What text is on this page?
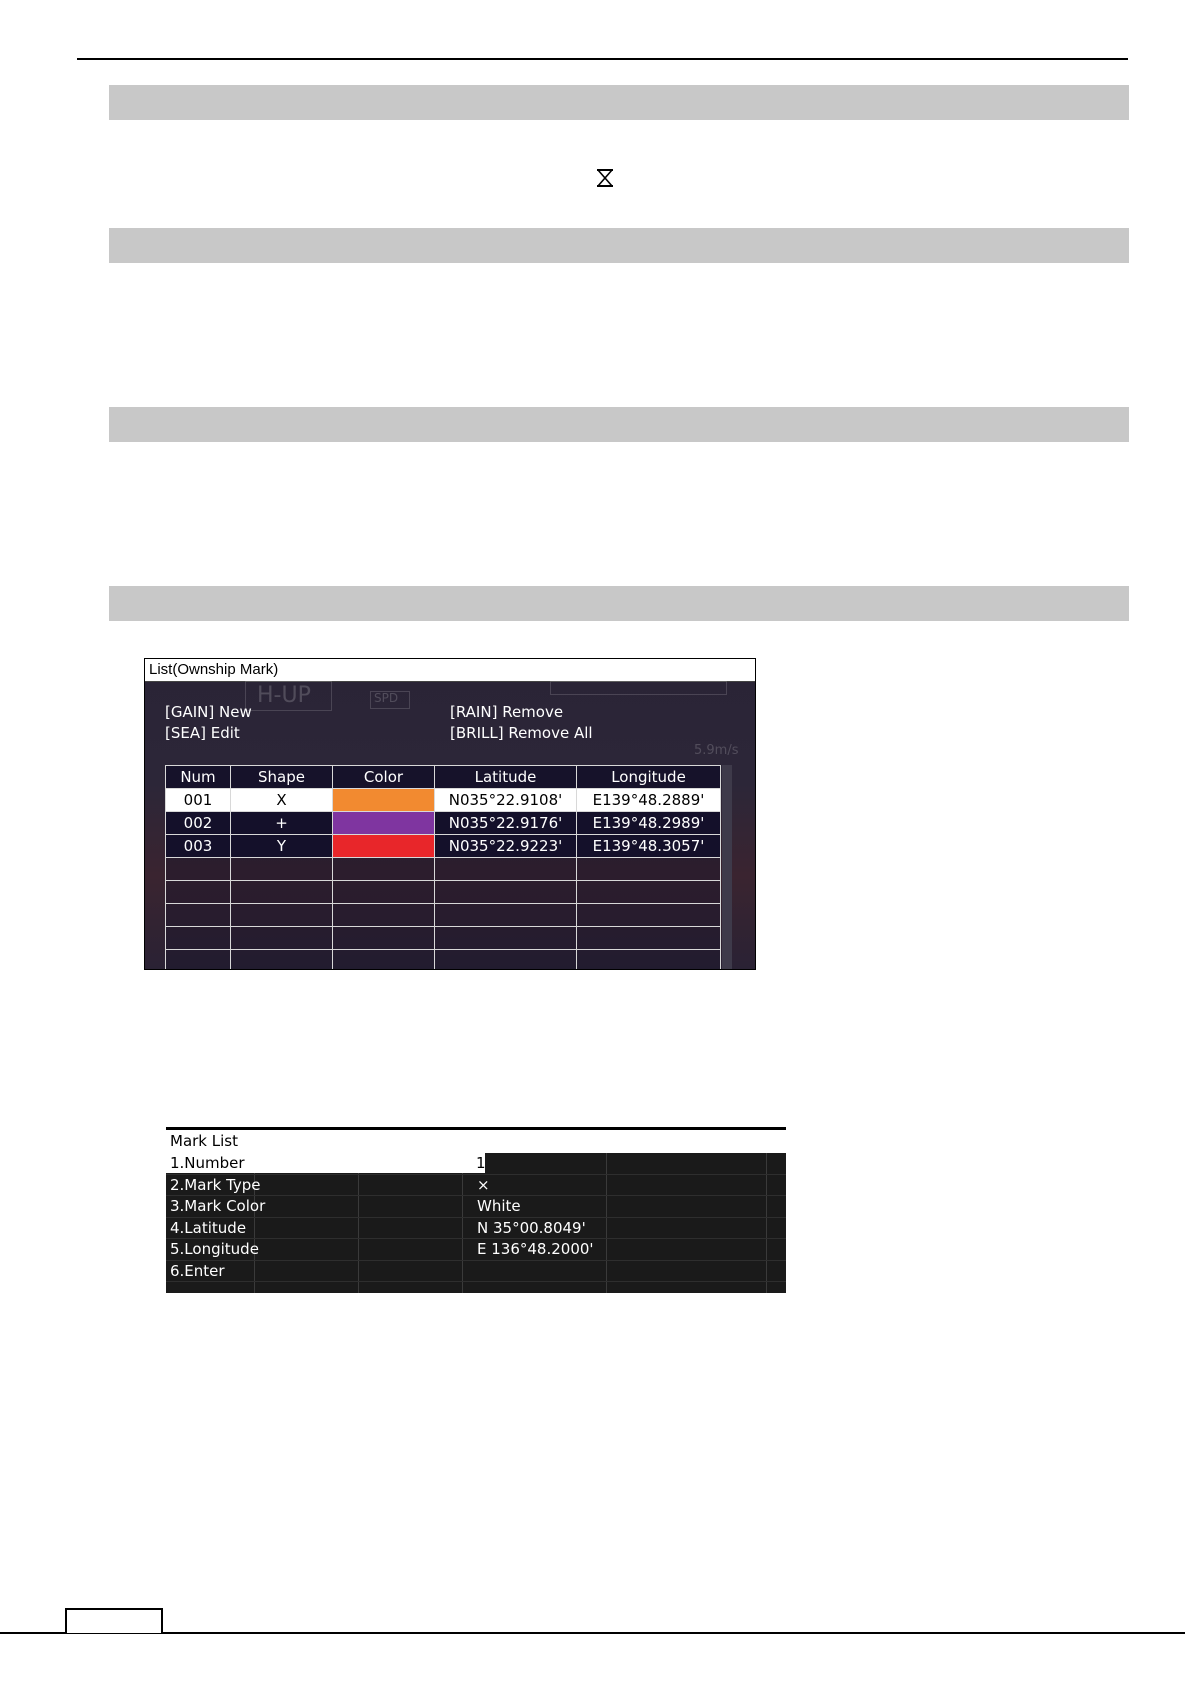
List(Ownship Mark)
H-UP	SPD
5.9m/s
[GAIN] New
[SEA] Edit
[RAIN] Remove
[BRILL] Remove All
Num	Shape	Color	Latitude	Longitude
001	X		N035°22.9108'	E139°48.2889'
002	+		N035°22.9176'	E139°48.2989'
003	Y		N035°22.9223'	E139°48.3057'

Mark List
1.Number	1
2.Mark Type	×
3.Mark Color	White
4.Latitude	N 35°00.8049'
5.Longitude	E 136°48.2000'
6.Enter
